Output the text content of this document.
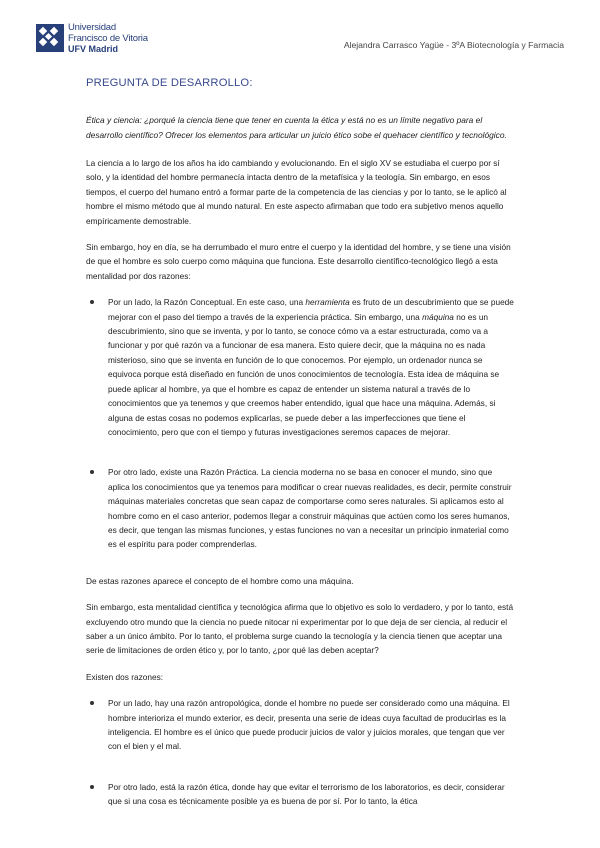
Universidad
Francisco de Vitoria
UFV Madrid	Alejandra Carrasco Yagüe - 3ºA Biotecnología y Farmacia
PREGUNTA DE DESARROLLO:

Ética y ciencia: ¿porqué la ciencia tiene que tener en cuenta la ética y está no es un límite negativo para el desarrollo científico? Ofrecer los elementos para articular un juicio ético sobe el quehacer científico y tecnológico.

La ciencia a lo largo de los años ha ido cambiando y evolucionando. En el siglo XV se estudiaba el cuerpo por sí solo, y la identidad del hombre permanecía intacta dentro de la metafísica y la teología. Sin embargo, en esos tiempos, el cuerpo del humano entró a formar parte de la competencia de las ciencias y por lo tanto, se le aplicó al hombre el mismo método que al mundo natural. En este aspecto afirmaban que todo era subjetivo menos aquello empíricamente demostrable.

Sin embargo, hoy en día, se ha derrumbado el muro entre el cuerpo y la identidad del hombre, y se tiene una visión de que el hombre es solo cuerpo como máquina que funciona. Este desarrollo científico-tecnológico llegó a esta mentalidad por dos razones:

Por un lado, la Razón Conceptual. En este caso, una herramienta es fruto de un descubrimiento que se puede mejorar con el paso del tiempo a través de la experiencia práctica. Sin embargo, una máquina no es un descubrimiento, sino que se inventa, y por lo tanto, se conoce cómo va a estar estructurada, como va a funcionar y por qué razón va a funcionar de esa manera. Esto quiere decir, que la máquina no es nada misterioso, sino que se inventa en función de lo que conocemos. Por ejemplo, un ordenador nunca se equivoca porque está diseñado en función de unos conocimientos de tecnología. Esta idea de máquina se puede aplicar al hombre, ya que el hombre es capaz de entender un sistema natural a través de lo conocimientos que ya tenemos y que creemos haber entendido, igual que hace una máquina. Además, si alguna de estas cosas no podemos explicarlas, se puede deber a las imperfecciones que tiene el conocimiento, pero que con el tiempo y futuras investigaciones seremos capaces de mejorar.
Por otro lado, existe una Razón Práctica. La ciencia moderna no se basa en conocer el mundo, sino que aplica los conocimientos que ya tenemos para modificar o crear nuevas realidades, es decir, permite construir máquinas materiales concretas que sean capaz de comportarse como seres naturales. Si aplicamos esto al hombre como en el caso anterior, podemos llegar a construir máquinas que actúen como los seres humanos, es decir, que tengan las mismas funciones, y estas funciones no van a necesitar un principio inmaterial como es el espíritu para poder comprenderlas.

De estas razones aparece el concepto de el hombre como una máquina.

Sin embargo, esta mentalidad científica y tecnológica afirma que lo objetivo es solo lo verdadero, y por lo tanto, está excluyendo otro mundo que la ciencia no puede nitocar ni experimentar por lo que deja de ser ciencia, al reducir el saber a un único ámbito. Por lo tanto, el problema surge cuando la tecnología y la ciencia tienen que aceptar una serie de limitaciones de orden ético y, por lo tanto, ¿por qué las deben aceptar?

Existen dos razones:

Por un lado, hay una razón antropológica, donde el hombre no puede ser considerado como una máquina. El hombre interioriza el mundo exterior, es decir, presenta una serie de ideas cuya facultad de producirlas es la inteligencia. El hombre es el único que puede producir juicios de valor y juicios morales, que tengan que ver con el bien y el mal.
Por otro lado, está la razón ética, donde hay que evitar el terrorismo de los laboratorios, es decir, considerar que si una cosa es técnicamente posible ya es buena de por sí. Por lo tanto, la ética
